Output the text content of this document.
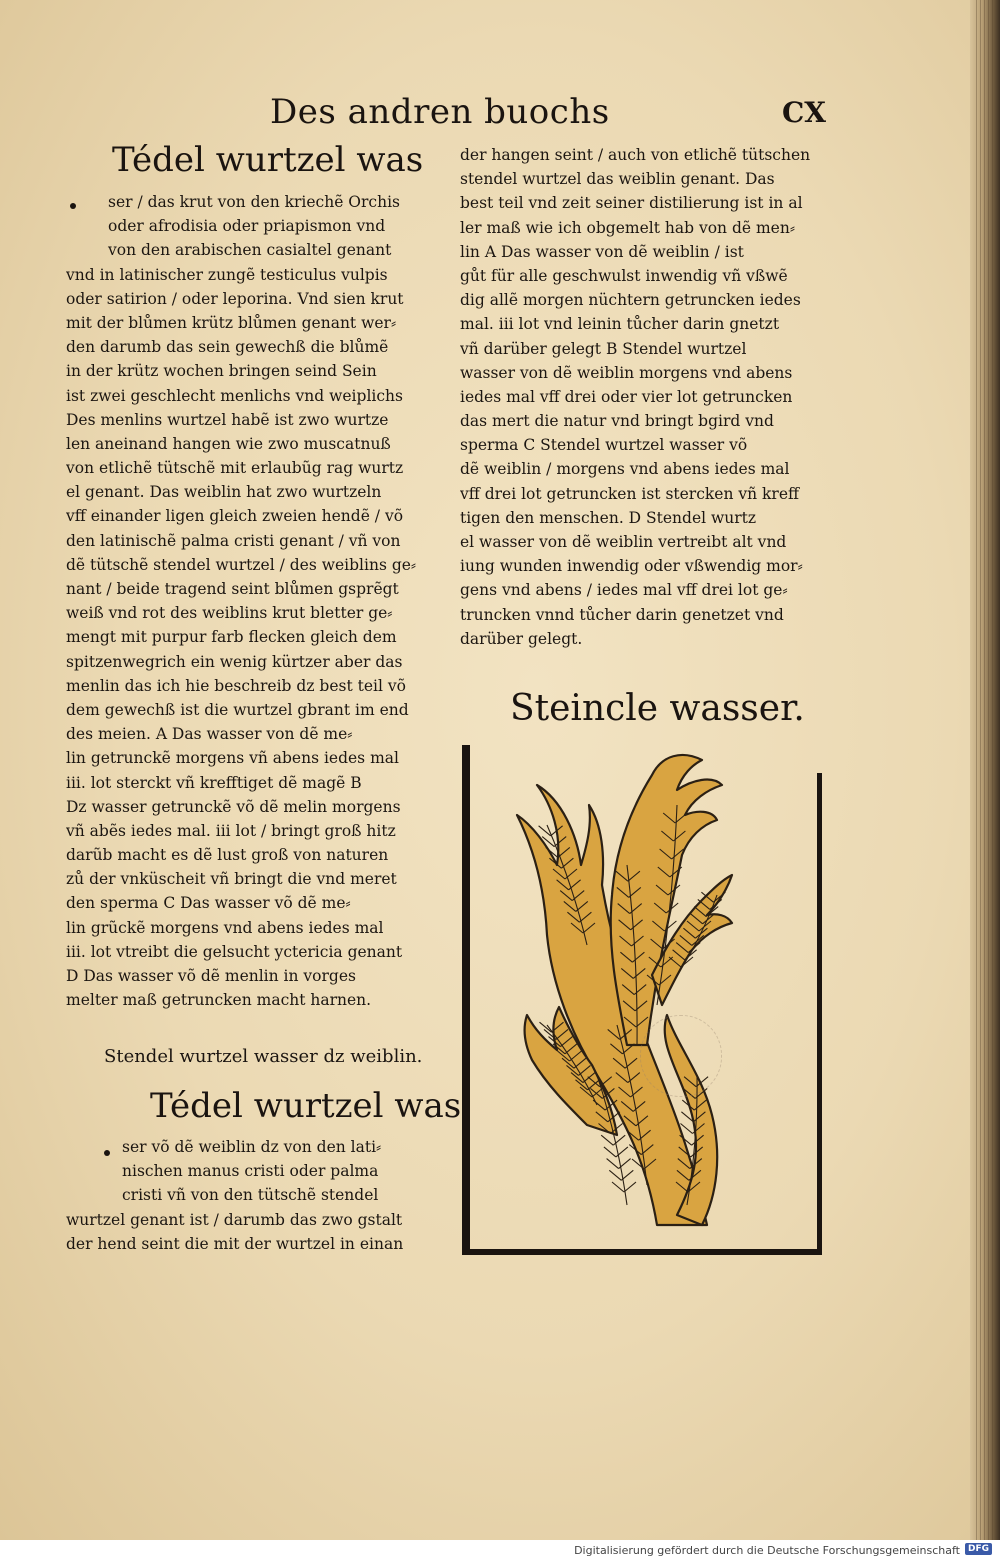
Des andren buochs	CX
Tédel wurtzel was
ser / das krut von den kriechẽ Orchis
oder afrodisia oder priapismon vnd
von den arabischen casialtel genant
vnd in latinischer zungẽ testiculus vulpis
oder satirion / oder leporina. Vnd sien krut
mit der blůmen krütz blůmen genant wer⸗
den darumb das sein gewechß die blůmẽ
in der krütz wochen bringen seind Sein
ist zwei geschlecht menlichs vnd weiplichs
Des menlins wurtzel habẽ ist zwo wurtze
len aneinand hangen wie zwo muscatnuß
von etlichẽ tütschẽ mit erlaubũg rag wurtz
el genant. Das weiblin hat zwo wurtzeln
vff einander ligen gleich zweien hendẽ / võ
den latinischẽ palma cristi genant / vñ von
dẽ tütschẽ stendel wurtzel / des weiblins ge⸗
nant / beide tragend seint blůmen gsprẽgt
weiß vnd rot des weiblins krut bletter ge⸗
mengt mit purpur farb flecken gleich dem
spitzenwegrich ein wenig kürtzer aber das
menlin das ich hie beschreib dz best teil võ
dem gewechß ist die wurtzel gbrant im end
des meien. A Das wasser von dẽ me⸗
lin getrunckẽ morgens vñ abens iedes mal
iii. lot sterckt vñ krefftiget dẽ magẽ B
Dz wasser getrunckẽ võ dẽ melin morgens
vñ abẽs iedes mal. iii lot / bringt groß hitz
darũb macht es dẽ lust groß von naturen
zů der vnküscheit vñ bringt die vnd meret
den sperma C Das wasser võ dẽ me⸗
lin grũckẽ morgens vnd abens iedes mal
iii. lot vtreibt die gelsucht yctericia genant
D Das wasser võ dẽ menlin in vorges
melter maß getruncken macht harnen.
Stendel wurtzel wasser dz weiblin.
Tédel wurtzel was
ser võ dẽ weiblin dz von den lati⸗
nischen manus cristi oder palma
cristi vñ von den tütschẽ stendel
wurtzel genant ist / darumb das zwo gstalt
der hend seint die mit der wurtzel in einan
der hangen seint / auch von etlichẽ tütschen
stendel wurtzel das weiblin genant. Das
best teil vnd zeit seiner distilierung ist in al
ler maß wie ich obgemelt hab von dẽ men⸗
lin A Das wasser von dẽ weiblin / ist
gůt für alle geschwulst inwendig vñ vßwẽ
dig allẽ morgen nüchtern getruncken iedes
mal. iii lot vnd leinin tůcher darin gnetzt
vñ darüber gelegt B Stendel wurtzel
wasser von dẽ weiblin morgens vnd abens
iedes mal vff drei oder vier lot getruncken
das mert die natur vnd bringt bgird vnd
sperma C Stendel wurtzel wasser võ
dẽ weiblin / morgens vnd abens iedes mal
vff drei lot getruncken ist stercken vñ kreff
tigen den menschen. D Stendel wurtz
el wasser von dẽ weiblin vertreibt alt vnd
iung wunden inwendig oder vßwendig mor⸗
gens vnd abens / iedes mal vff drei lot ge⸗
truncken vnnd tůcher darin genetzet vnd
darüber gelegt.
Steincle wasser.
Digitalisierung gefördert durch die Deutsche Forschungsgemeinschaft DFG
